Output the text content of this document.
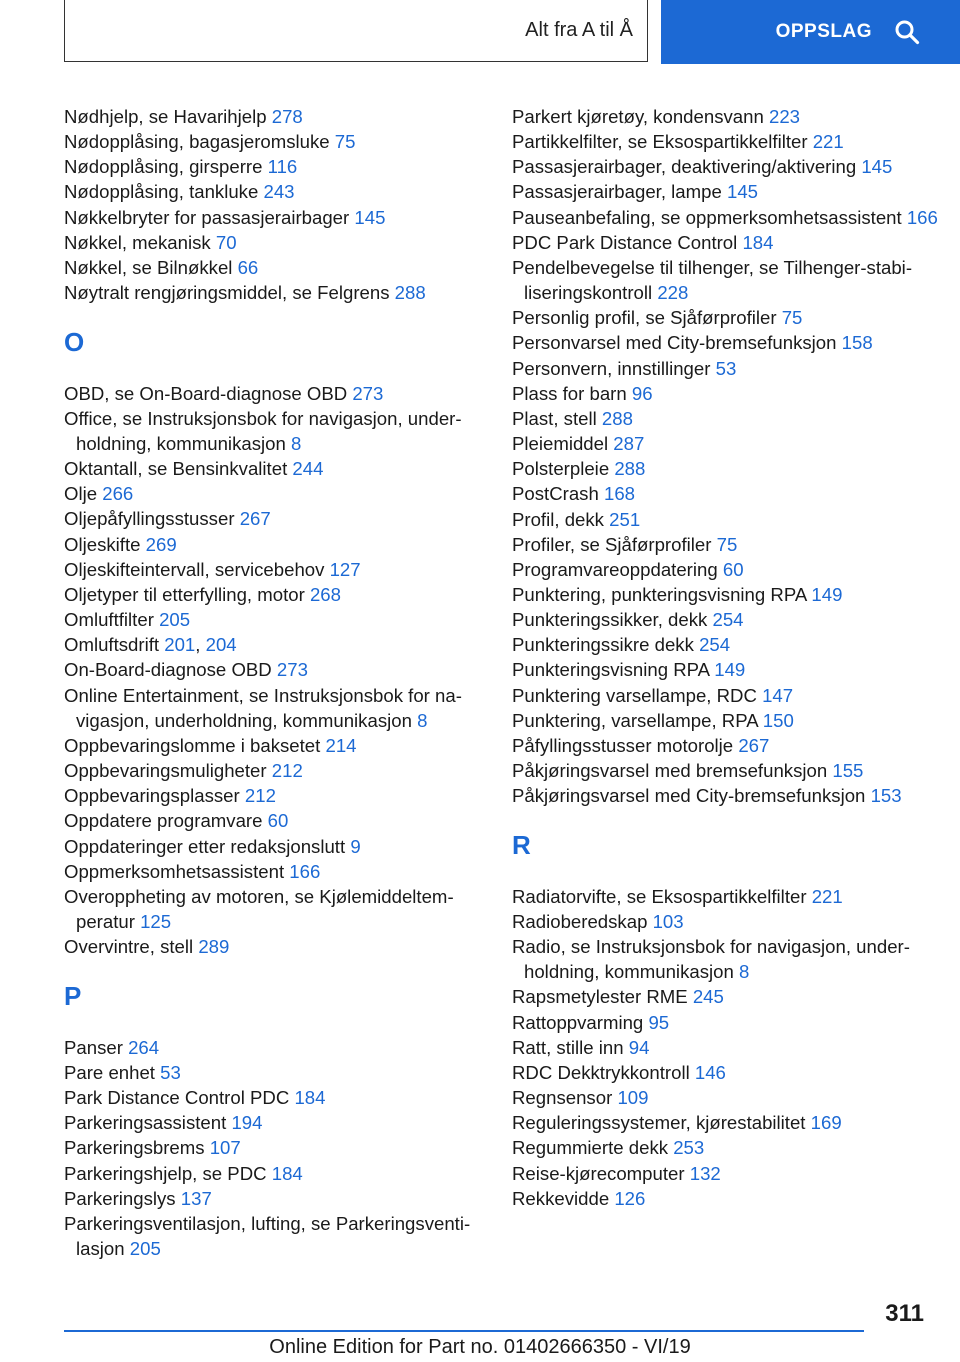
Alt fra A til Å	OPPSLAG
Nødhjelp, se Havarihjelp 278
Nødopplåsing, bagasjeromsluke 75
Nødopplåsing, girsperre 116
Nødopplåsing, tankluke 243
Nøkkelbryter for passasjerairbager 145
Nøkkel, mekanisk 70
Nøkkel, se Bilnøkkel 66
Nøytralt rengjøringsmiddel, se Felgrens 288
O
OBD, se On-Board-diagnose OBD 273
Office, se Instruksjonsbok for navigasjon, underholdning, kommunikasjon 8
Oktantall, se Bensinkvalitet 244
Olje 266
Oljepåfyllingsstusser 267
Oljeskifte 269
Oljeskifteintervall, servicebehov 127
Oljetyper til etterfylling, motor 268
Omluftfilter 205
Omluftsdrift 201, 204
On-Board-diagnose OBD 273
Online Entertainment, se Instruksjonsbok for navigasjon, underholdning, kommunikasjon 8
Oppbevaringslomme i baksetet 214
Oppbevaringsmuligheter 212
Oppbevaringsplasser 212
Oppdatere programvare 60
Oppdateringer etter redaksjonslutt 9
Oppmerksomhetsassistent 166
Overoppheting av motoren, se Kjølemiddeltemperatur 125
Overvintre, stell 289
P
Panser 264
Pare enhet 53
Park Distance Control PDC 184
Parkeringsassistent 194
Parkeringsbrems 107
Parkeringshjelp, se PDC 184
Parkeringslys 137
Parkeringsventilasjon, lufting, se Parkeringsventilasjon 205
Parkert kjøretøy, kondensvann 223
Partikkelfilter, se Eksospartikkelfilter 221
Passasjerairbager, deaktivering/aktivering 145
Passasjerairbager, lampe 145
Pauseanbefaling, se oppmerksomhetsassistent 166
PDC Park Distance Control 184
Pendelbevegelse til tilhenger, se Tilhenger-stabiliseringskontroll 228
Personlig profil, se Sjåførprofiler 75
Personvarsel med City-bremsefunksjon 158
Personvern, innstillinger 53
Plass for barn 96
Plast, stell 288
Pleiemiddel 287
Polsterpleie 288
PostCrash 168
Profil, dekk 251
Profiler, se Sjåførprofiler 75
Programvareoppdatering 60
Punktering, punkteringsvisning RPA 149
Punkteringssikker, dekk 254
Punkteringssikre dekk 254
Punkteringsvisning RPA 149
Punktering varsellampe, RDC 147
Punktering, varsellampe, RPA 150
Påfyllingsstusser motorolje 267
Påkjøringsvarsel med bremsefunksjon 155
Påkjøringsvarsel med City-bremsefunksjon 153
R
Radiatorvifte, se Eksospartikkelfilter 221
Radioberedskap 103
Radio, se Instruksjonsbok for navigasjon, underholdning, kommunikasjon 8
Rapsmetylester RME 245
Rattoppvarming 95
Ratt, stille inn 94
RDC Dekktrykkontroll 146
Regnsensor 109
Reguleringssystemer, kjørestabilitet 169
Regummierte dekk 253
Reise-kjørecomputer 132
Rekkevidde 126
311
Online Edition for Part no. 01402666350 - VI/19
